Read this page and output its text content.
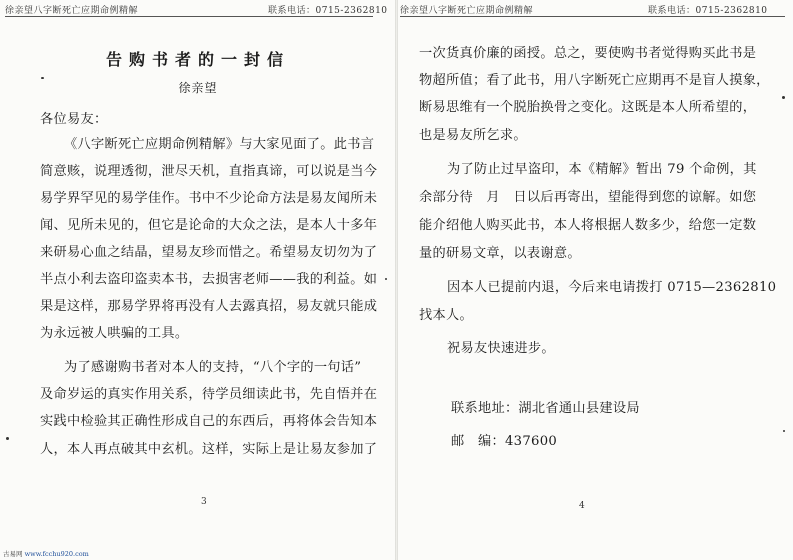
徐亲望八字断死亡应期命例精解	联系电话：0715-2362810
告购书者的一封信
徐亲望
各位易友：
《八字断死亡应期命例精解》与大家见面了。此书言
简意赅，说理透彻，泄尽天机，直指真谛，可以说是当今
易学界罕见的易学佳作。书中不少论命方法是易友闻所未
闻、见所未见的，但它是论命的大众之法，是本人十多年
来研易心血之结晶，望易友珍而惜之。希望易友切勿为了
半点小利去盗印盗卖本书，去损害老师——我的利益。如
果是这样，那易学界将再没有人去露真招，易友就只能成
为永远被人哄骗的工具。
为了感谢购书者对本人的支持，“八个字的一句话”
及命岁运的真实作用关系，待学员细读此书，先自悟并在
实践中检验其正确性形成自己的东西后，再将体会告知本
人，本人再点破其中玄机。这样，实际上是让易友参加了
3
徐亲望八字断死亡应期命例精解	联系电话：0715-2362810
一次货真价廉的函授。总之，要使购书者觉得购买此书是
物超所值；看了此书，用八字断死亡应期再不是盲人摸象，
断易思维有一个脱胎换骨之变化。这既是本人所希望的，
也是易友所乞求。
为了防止过早盗印，本《精解》暂出 79 个命例，其
余部分待　月　日以后再寄出，望能得到您的谅解。如您
能介绍他人购买此书，本人将根据人数多少，给您一定数
量的研易文章，以表谢意。
因本人已提前内退，今后来电请拨打 0715—2362810
找本人。
祝易友快速进步。
联系地址：湖北省通山县建设局
邮　编：437600
4
古易网 www.fcchu920.com
